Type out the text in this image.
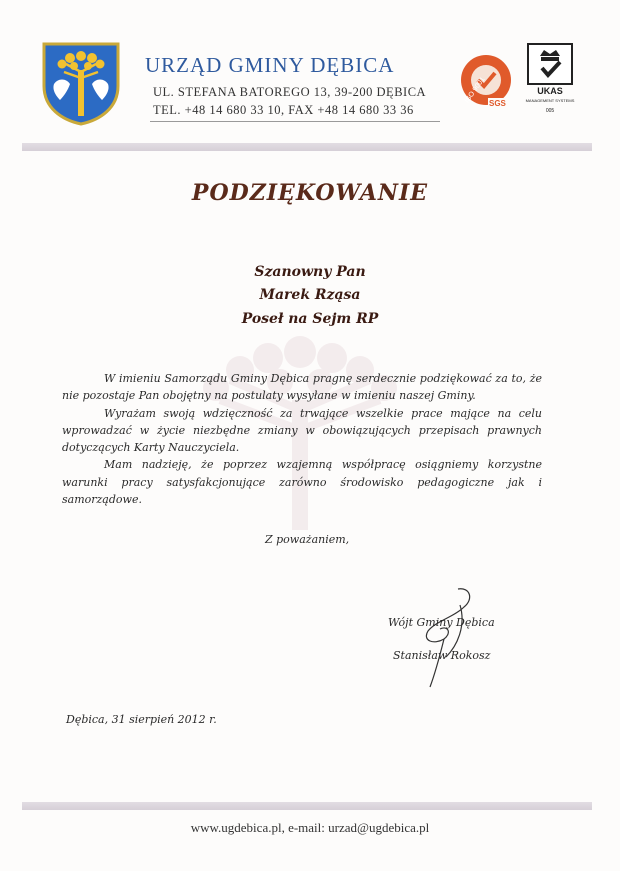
URZĄD GMINY DĘBICA
UL. STEFANA BATOREGO 13, 39-200 DĘBICA
TEL. +48 14 680 33 10, FAX +48 14 680 33 36
ISO 9001 SGS
UKAS
MANAGEMENT SYSTEMS
005
PODZIĘKOWANIE
Szanowny Pan
Marek Rząsa
Poseł na Sejm RP

W imieniu Samorządu Gminy Dębica pragnę serdecznie podziękować za to, że nie pozostaje Pan obojętny na postulaty wysyłane w imieniu naszej Gminy.

Wyrażam swoją wdzięczność za trwające wszelkie prace mające na celu wprowadzać w życie niezbędne zmiany w obowiązujących przepisach prawnych dotyczących Karty Nauczyciela.

Mam nadzieję, że poprzez wzajemną współpracę osiągniemy korzystne warunki pracy satysfakcjonujące zarówno środowisko pedagogiczne jak i samorządowe.

Z poważaniem,
Wójt Gminy Dębica
Stanisław Rokosz
Dębica, 31 sierpień 2012 r.
www.ugdebica.pl, e-mail: urzad@ugdebica.pl
